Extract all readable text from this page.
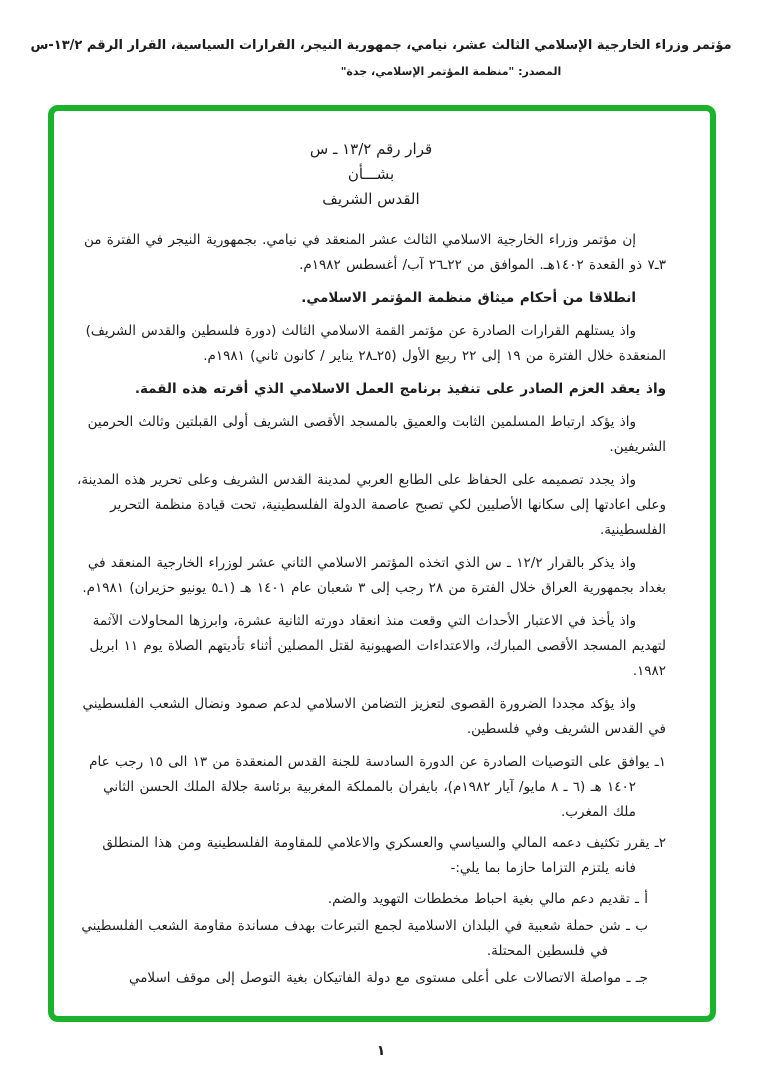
مؤتمر وزراء الخارجية الإسلامي الثالث عشر، نيامي، جمهورية النيجر، القرارات السياسية، القرار الرقم ١٣/٢-س
المصدر: "منظمة المؤتمر الإسلامي، جدة"
قرار رقم ١٣/٢ ـ س
بشـــأن
القدس الشريف

إن مؤتمر وزراء الخارجية الاسلامي الثالث عشر المنعقد في نيامي. بجمهورية النيجر في الفترة من ٣ـ٧ ذو القعدة ١٤٠٢هـ. الموافق من ٢٢ـ٢٦ آب/ أغسطس ١٩٨٢م.

انطلاقا من أحكام ميثاق منظمة المؤتمر الاسلامي.

واذ يستلهم القرارات الصادرة عن مؤتمر القمة الاسلامي الثالث (دورة فلسطين والقدس الشريف) المنعقدة خلال الفترة من ١٩ إلى ٢٢ ربيع الأول (٢٥ـ٢٨ يناير / كانون ثاني) ١٩٨١م.

واذ يعقد العزم الصادر على تنفيذ برنامج العمل الاسلامي الذي أقرته هذه القمة.

واذ يؤكد ارتباط المسلمين الثابت والعميق بالمسجد الأقصى الشريف أولى القبلتين وثالث الحرمين الشريفين.

واذ يجدد تصميمه على الحفاظ على الطابع العربي لمدينة القدس الشريف وعلى تحرير هذه المدينة، وعلى اعادتها إلى سكانها الأصليين لكي تصبح عاصمة الدولة الفلسطينية، تحت قيادة منظمة التحرير الفلسطينية.

واذ يذكر بالقرار ١٢/٢ ـ س الذي اتخذه المؤتمر الاسلامي الثاني عشر لوزراء الخارجية المنعقد في بغداد بجمهورية العراق خلال الفترة من ٢٨ رجب إلى ٣ شعبان عام ١٤٠١ هـ (١ـ٥ يونيو حزيران) ١٩٨١م.

واذ يأخذ في الاعتبار الأحداث التي وقعت منذ انعقاد دورته الثانية عشرة، وابرزها المحاولات الآثمة لتهديم المسجد الأقصى المبارك، والاعتداءات الصهيونية لقتل المصلين أثناء تأديتهم الصلاة يوم ١١ ابريل ١٩٨٢.

واذ يؤكد مجددا الضرورة القصوى لتعزيز التضامن الاسلامي لدعم صمود ونضال الشعب الفلسطيني في القدس الشريف وفي فلسطين.

١ـ يوافق على التوصيات الصادرة عن الدورة السادسة للجنة القدس المنعقدة من ١٣ الى ١٥ رجب عام ١٤٠٢ هـ (٦ ـ ٨ مايو/ آيار ١٩٨٢م)، بايفران بالمملكة المغربية برئاسة جلالة الملك الحسن الثاني ملك المغرب.
٢ـ يقرر تكثيف دعمه المالي والسياسي والعسكري والاعلامي للمقاومة الفلسطينية ومن هذا المنطلق فانه يلتزم التزاما حازما بما يلي:-
أ ـ تقديم دعم مالي بغية احباط مخططات التهويد والضم.
ب ـ شن حملة شعبية في البلدان الاسلامية لجمع التبرعات بهدف مساندة مقاومة الشعب الفلسطيني في فلسطين المحتلة.
جـ ـ مواصلة الاتصالات على أعلى مستوى مع دولة الفاتيكان بغية التوصل إلى موقف اسلامي
١
